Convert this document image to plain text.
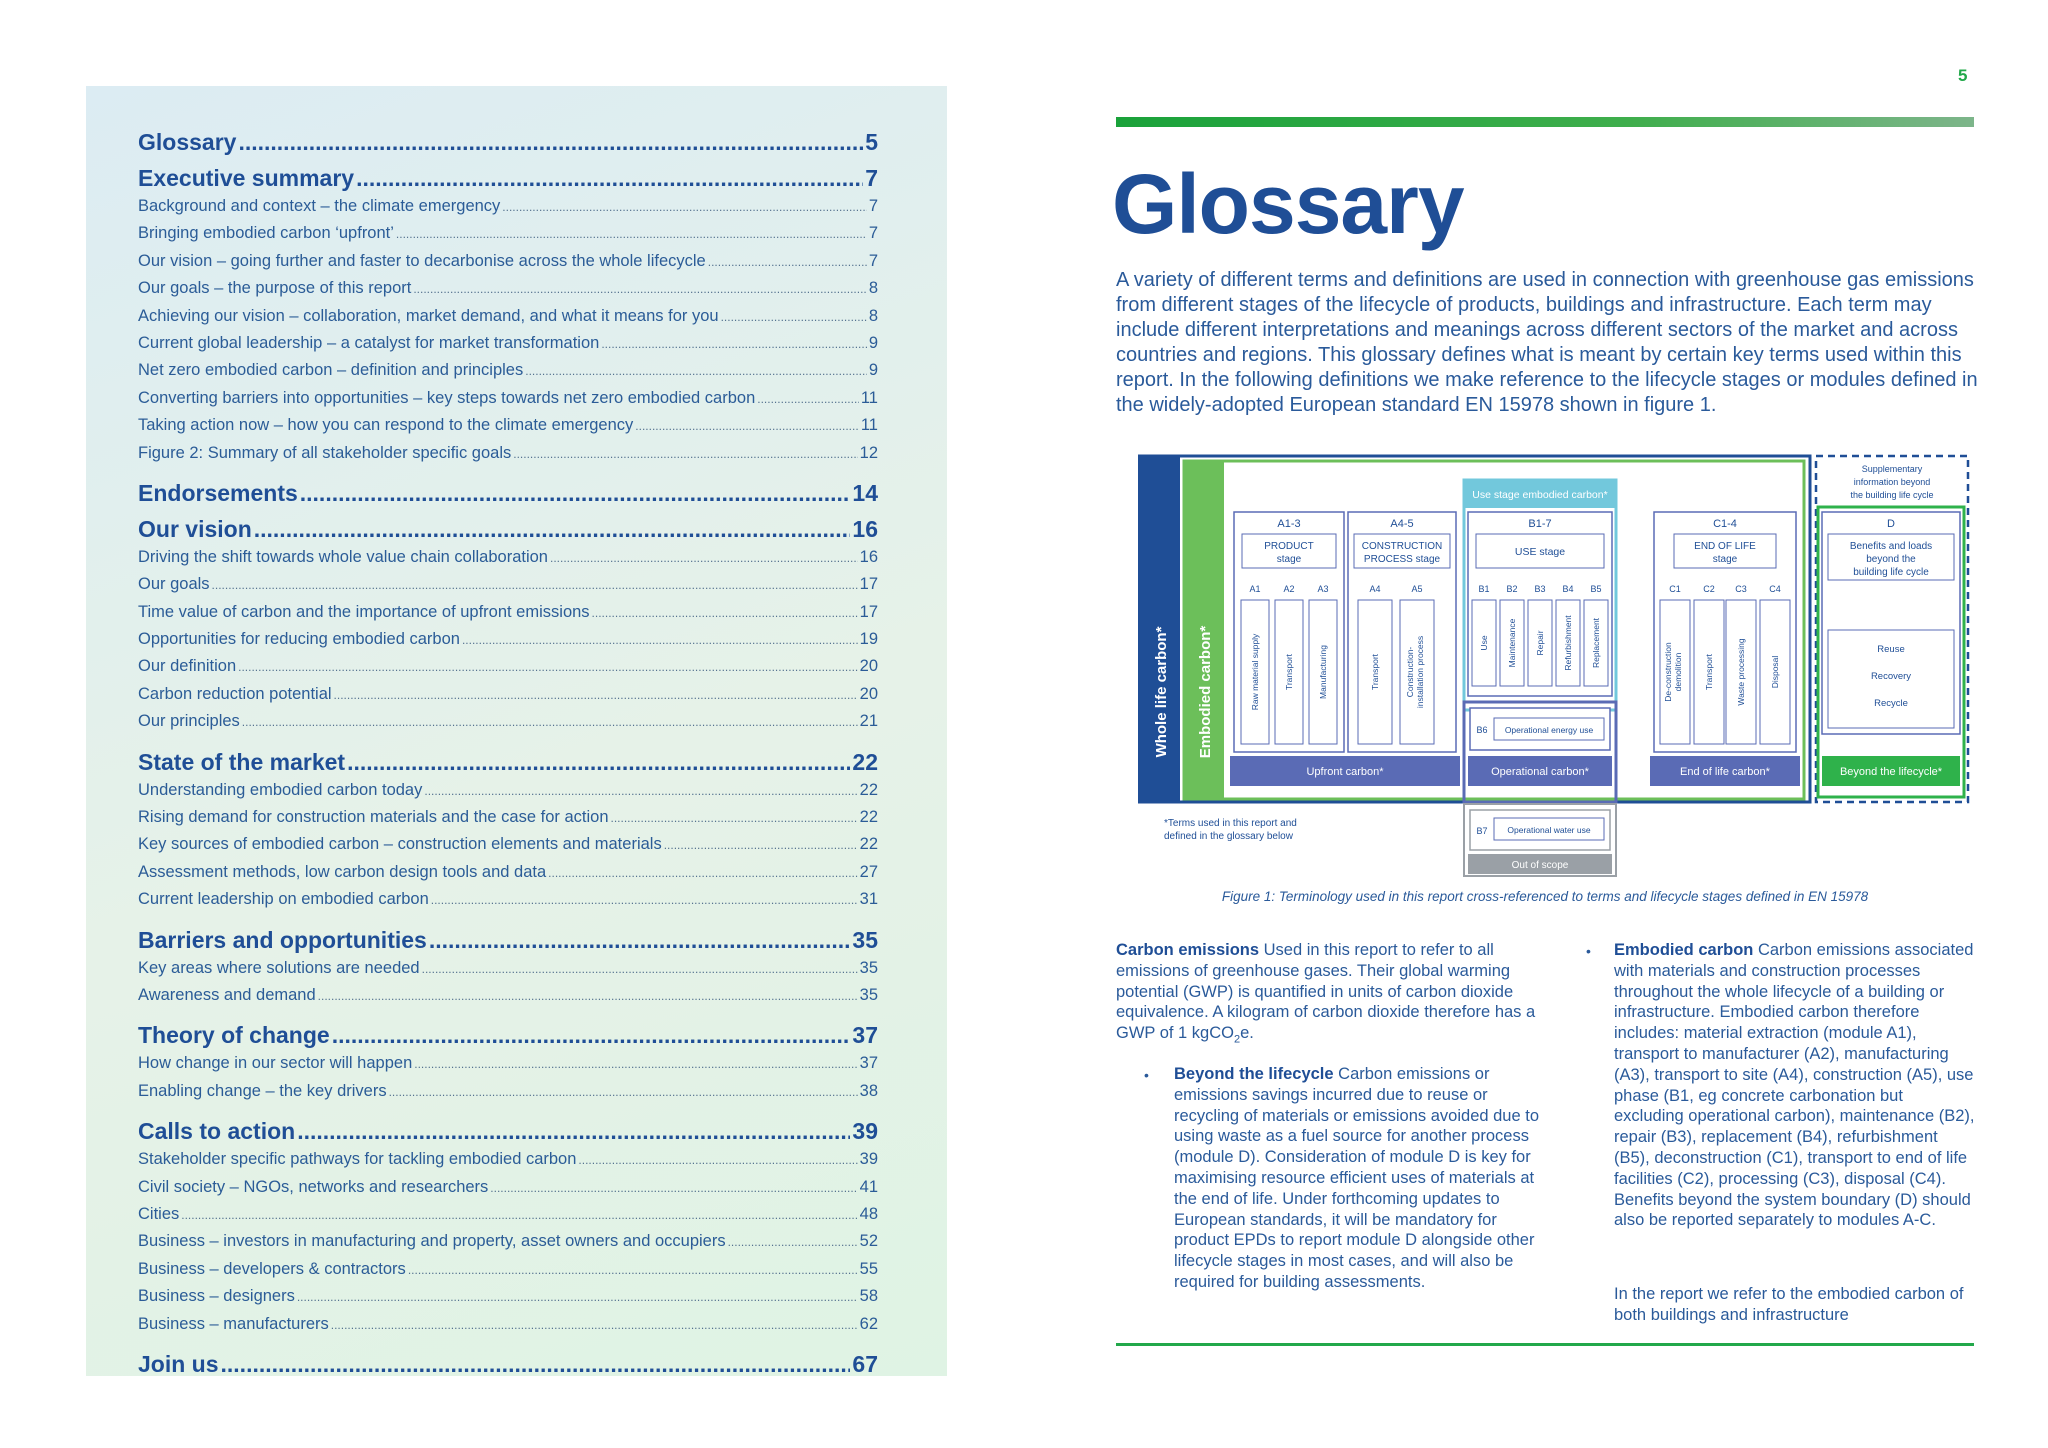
Glossary .....	5
Executive summary .....	7
Background and context – the climate emergency .....	7
Bringing embodied carbon ‘upfront’ .....	7
Our vision – going further and faster to decarbonise across the whole lifecycle .....	7
Our goals – the purpose of this report .....	8
Achieving our vision – collaboration, market demand, and what it means for you .....	8
Current global leadership – a catalyst for market transformation .....	9
Net zero embodied carbon – definition and principles .....	9
Converting barriers into opportunities – key steps towards net zero embodied carbon .....	11
Taking action now – how you can respond to the climate emergency .....	11
Figure 2: Summary of all stakeholder specific goals .....	12
Endorsements .....	14
Our vision .....	16
Driving the shift towards whole value chain collaboration .....	16
Our goals .....	17
Time value of carbon and the importance of upfront emissions .....	17
Opportunities for reducing embodied carbon .....	19
Our definition .....	20
Carbon reduction potential .....	20
Our principles .....	21
State of the market .....	22
Understanding embodied carbon today .....	22
Rising demand for construction materials and the case for action .....	22
Key sources of embodied carbon – construction elements and materials .....	22
Assessment methods, low carbon design tools and data .....	27
Current leadership on embodied carbon .....	31
Barriers and opportunities .....	35
Key areas where solutions are needed .....	35
Awareness and demand .....	35
Theory of change .....	37
How change in our sector will happen .....	37
Enabling change – the key drivers .....	38
Calls to action .....	39
Stakeholder specific pathways for tackling embodied carbon .....	39
Civil society – NGOs, networks and researchers .....	41
Cities .....	48
Business – investors in manufacturing and property, asset owners and occupiers .....	52
Business – developers & contractors .....	55
Business – designers .....	58
Business – manufacturers .....	62
Join us .....	67
5
Glossary
A variety of different terms and definitions are used in connection with greenhouse gas emissions from different stages of the lifecycle of products, buildings and infrastructure. Each term may include different interpretations and meanings across different sectors of the market and across countries and regions. This glossary defines what is meant by certain key terms used within this report. In the following definitions we make reference to the lifecycle stages or modules defined in the widely-adopted European standard EN 15978 shown in figure 1.
Whole life carbon* Embodied carbon*
Supplementary
information beyond
the building life cycle
Use stage embodied carbon*
A1-3
PRODUCT
stage
A1
Raw material supply
A2
Transport
A3
Manufacturing
A4-5
CONSTRUCTION
PROCESS stage
A4
Transport
A5
Construction- installation process
B1-7
USE stage
B1
Use
B2
Maintenance
B3
Repair
B4
Refurbishment
B5
Replacement
B6 Operational energy use
C1-4
END OF LIFE
stage
C1
De-construction demolition
C2
Transport
C3
Waste processing
C4
Disposal
D
Benefits and loads
beyond the
building life cycle
Reuse
Recovery
Recycle
Upfront carbon*	Operational carbon*	End of life carbon*	Beyond the lifecycle*
B7 Operational water use
Out of scope
*Terms used in this report and
defined in the glossary below
Figure 1: Terminology used in this report cross-referenced to terms and lifecycle stages defined in EN 15978
Carbon emissions Used in this report to refer to all emissions of greenhouse gases. Their global warming potential (GWP) is quantified in units of carbon dioxide equivalence. A kilogram of carbon dioxide therefore has a GWP of 1 kgCO$_2$e.
• Beyond the lifecycle Carbon emissions or emissions savings incurred due to reuse or recycling of materials or emissions avoided due to using waste as a fuel source for another process (module D). Consideration of module D is key for maximising resource efficient uses of materials at the end of life. Under forthcoming updates to European standards, it will be mandatory for product EPDs to report module D alongside other lifecycle stages in most cases, and will also be required for building assessments.
• Embodied carbon Carbon emissions associated with materials and construction processes throughout the whole lifecycle of a building or infrastructure. Embodied carbon therefore includes: material extraction (module A1), transport to manufacturer (A2), manufacturing (A3), transport to site (A4), construction (A5), use phase (B1, eg concrete carbonation but excluding operational carbon), maintenance (B2), repair (B3), replacement (B4), refurbishment (B5), deconstruction (C1), transport to end of life facilities (C2), processing (C3), disposal (C4). Benefits beyond the system boundary (D) should also be reported separately to modules A-C.
In the report we refer to the embodied carbon of both buildings and infrastructure
